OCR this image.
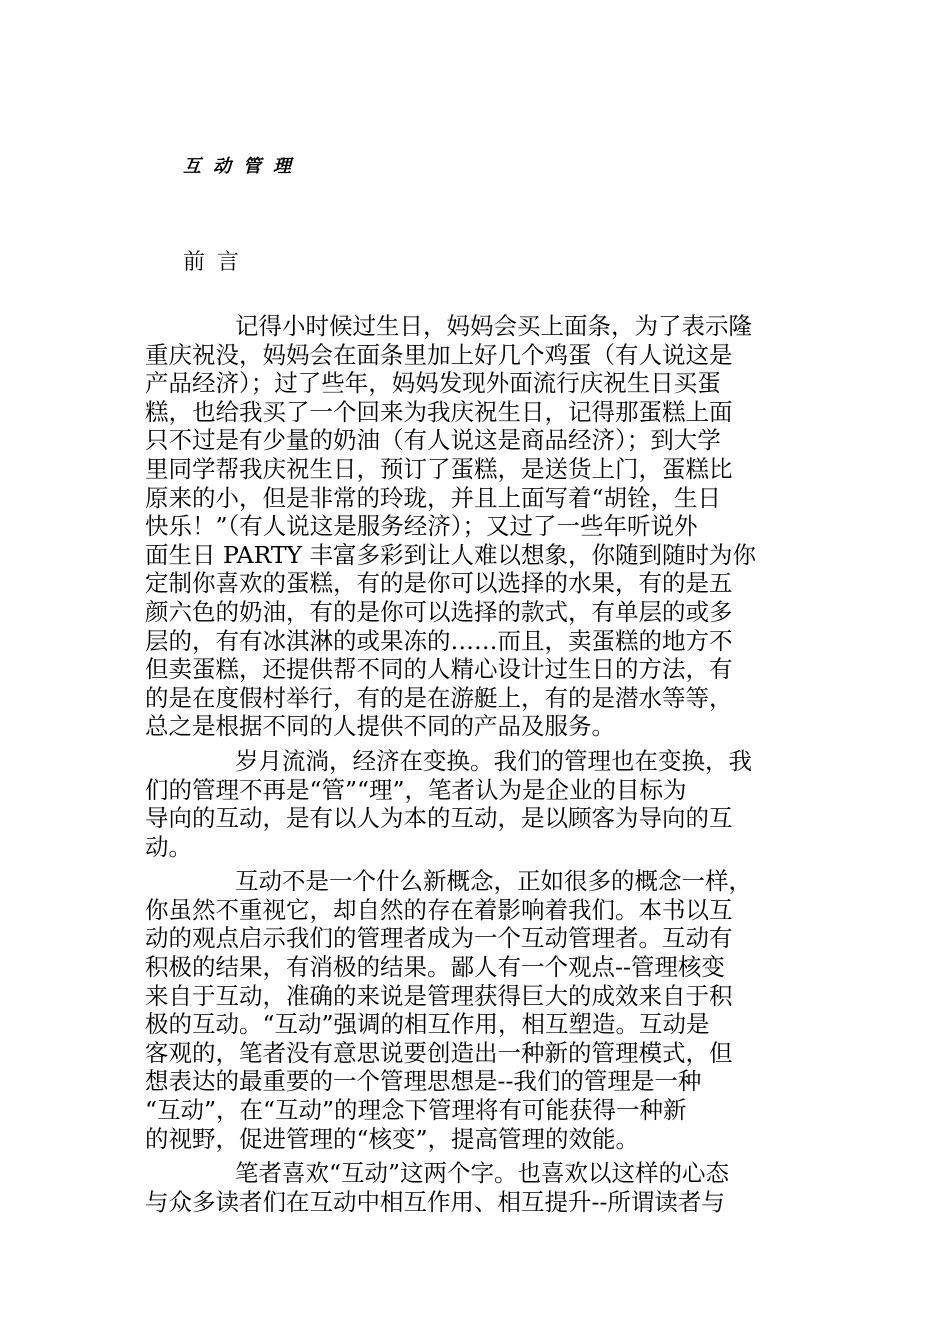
互动管理
前言

记得小时候过生日，妈妈会买上面条，为了表示隆
重庆祝没，妈妈会在面条里加上好几个鸡蛋（有人说这是
产品经济）；过了些年，妈妈发现外面流行庆祝生日买蛋
糕，也给我买了一个回来为我庆祝生日，记得那蛋糕上面
只不过是有少量的奶油（有人说这是商品经济）；到大学
里同学帮我庆祝生日，预订了蛋糕，是送货上门，蛋糕比
原来的小，但是非常的玲珑，并且上面写着“胡铨，生日
快乐！”（有人说这是服务经济）；又过了一些年听说外
面生日 PARTY 丰富多彩到让人难以想象，你随到随时为你
定制你喜欢的蛋糕，有的是你可以选择的水果，有的是五
颜六色的奶油，有的是你可以选择的款式，有单层的或多
层的，有有冰淇淋的或果冻的……而且，卖蛋糕的地方不
但卖蛋糕，还提供帮不同的人精心设计过生日的方法，有
的是在度假村举行，有的是在游艇上，有的是潜水等等，
总之是根据不同的人提供不同的产品及服务。

岁月流淌，经济在变换。我们的管理也在变换，我
们的管理不再是“管”“理”，笔者认为是企业的目标为
导向的互动，是有以人为本的互动，是以顾客为导向的互
动。

互动不是一个什么新概念，正如很多的概念一样，
你虽然不重视它，却自然的存在着影响着我们。本书以互
动的观点启示我们的管理者成为一个互动管理者。互动有
积极的结果，有消极的结果。鄙人有一个观点--管理核变
来自于互动，准确的来说是管理获得巨大的成效来自于积
极的互动。“互动”强调的相互作用，相互塑造。互动是
客观的，笔者没有意思说要创造出一种新的管理模式，但
想表达的最重要的一个管理思想是--我们的管理是一种
“互动”，在“互动”的理念下管理将有可能获得一种新
的视野，促进管理的“核变”，提高管理的效能。

笔者喜欢“互动”这两个字。也喜欢以这样的心态
与众多读者们在互动中相互作用、相互提升--所谓读者与
